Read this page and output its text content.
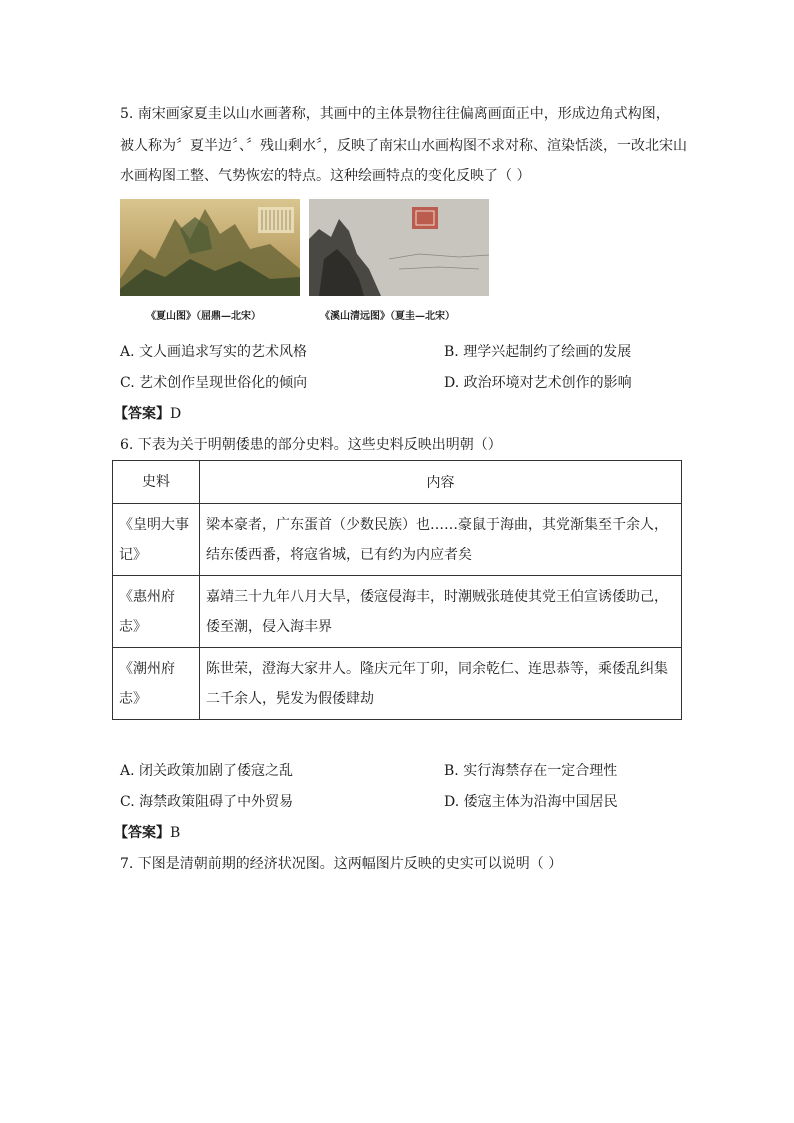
5. 南宋画家夏圭以山水画著称，其画中的主体景物往往偏离画面正中，形成边角式构图，
被人称为〞夏半边〞、〞残山剩水〞，反映了南宋山水画构图不求对称、渲染恬淡，一改北宋山
水画构图工整、气势恢宏的特点。这种绘画特点的变化反映了（ ）
《夏山图》（屈鼎—北宋）	《溪山清远图》（夏圭—北宋）
A. 文人画追求写实的艺术风格	B. 理学兴起制约了绘画的发展
C. 艺术创作呈现世俗化的倾向	D. 政治环境对艺术创作的影响
【答案】D
6. 下表为关于明朝倭患的部分史料。这些史料反映出明朝（）
史料	内容
《皇明大事记》	梁本豪者，广东蛋首（少数民族）也……豪鼠于海曲，其党渐集至千余人，结东倭西番，将寇省城，已有约为内应者矣
《惠州府志》	嘉靖三十九年八月大旱，倭寇侵海丰，时潮贼张琏使其党王伯宣诱倭助己，倭至潮，侵入海丰界
《潮州府志》	陈世荣，澄海大家井人。隆庆元年丁卯，同余乾仁、连思恭等，乘倭乱纠集二千余人，髡发为假倭肆劫
A. 闭关政策加剧了倭寇之乱	B. 实行海禁存在一定合理性
C. 海禁政策阻碍了中外贸易	D. 倭寇主体为沿海中国居民
【答案】B
7. 下图是清朝前期的经济状况图。这两幅图片反映的史实可以说明（ ）
